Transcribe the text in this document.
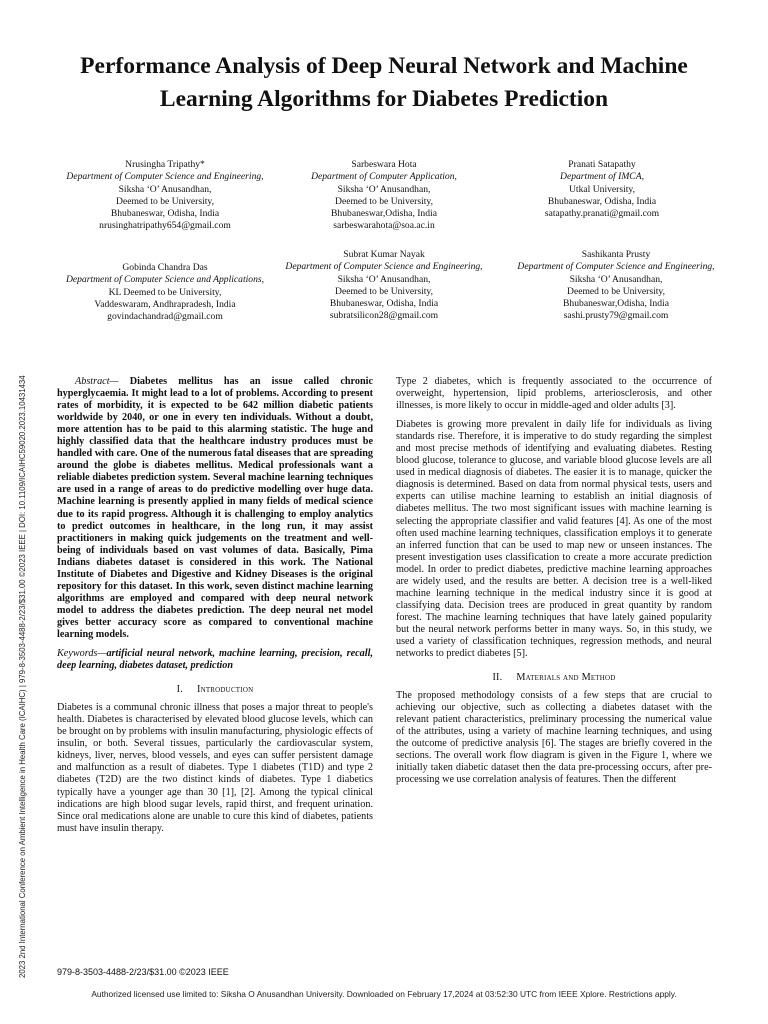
2023 2nd International Conference on Ambient Intelligence in Health Care (ICAIHC) | 979-8-3503-4488-2/23/$31.00 ©2023 IEEE | DOI: 10.1109/ICAIHC59020.2023.10431434
Performance Analysis of Deep Neural Network and Machine Learning Algorithms for Diabetes Prediction
Nrusingha Tripathy*
Department of Computer Science and Engineering,
Siksha ‘O’ Anusandhan,
Deemed to be University,
Bhubaneswar, Odisha, India
nrusinghatripathy654@gmail.com
Sarbeswara Hota
Department of Computer Application,
Siksha ‘O’ Anusandhan,
Deemed to be University,
Bhubaneswar,Odisha, India
sarbeswarahota@soa.ac.in
Pranati Satapathy
Department of IMCA,
Utkal University,
Bhubaneswar, Odisha, India
satapathy.pranati@gmail.com
Gobinda Chandra Das
Department of Computer Science and Applications,
KL Deemed to be University,
Vaddeswaram, Andhrapradesh, India
govindachandrad@gmail.com
Subrat Kumar Nayak
Department of Computer Science and Engineering,
Siksha ‘O’ Anusandhan,
Deemed to be University,
Bhubaneswar, Odisha, India
subratsilicon28@gmail.com
Sashikanta Prusty
Department of Computer Science and Engineering,
Siksha ‘O’ Anusandhan,
Deemed to be University,
Bhubaneswar,Odisha, India
sashi.prusty79@gmail.com

Abstract— Diabetes mellitus has an issue called chronic hyperglycaemia. It might lead to a lot of problems. According to present rates of morbidity, it is expected to be 642 million diabetic patients worldwide by 2040, or one in every ten individuals. Without a doubt, more attention has to be paid to this alarming statistic. The huge and highly classified data that the healthcare industry produces must be handled with care. One of the numerous fatal diseases that are spreading around the globe is diabetes mellitus. Medical professionals want a reliable diabetes prediction system. Several machine learning techniques are used in a range of areas to do predictive modelling over huge data. Machine learning is presently applied in many fields of medical science due to its rapid progress. Although it is challenging to employ analytics to predict outcomes in healthcare, in the long run, it may assist practitioners in making quick judgements on the treatment and well-being of individuals based on vast volumes of data. Basically, Pima Indians diabetes dataset is considered in this work. The National Institute of Diabetes and Digestive and Kidney Diseases is the original repository for this dataset. In this work, seven distinct machine learning algorithms are employed and compared with deep neural network model to address the diabetes prediction. The deep neural net model gives better accuracy score as compared to conventional machine learning models.

Keywords—artificial neural network, machine learning, precision, recall, deep learning, diabetes dataset, prediction

I. Introduction

Diabetes is a communal chronic illness that poses a major threat to people's health. Diabetes is characterised by elevated blood glucose levels, which can be brought on by problems with insulin manufacturing, physiologic effects of insulin, or both. Several tissues, particularly the cardiovascular system, kidneys, liver, nerves, blood vessels, and eyes can suffer persistent damage and malfunction as a result of diabetes. Type 1 diabetes (T1D) and type 2 diabetes (T2D) are the two distinct kinds of diabetes. Type 1 diabetics typically have a younger age than 30 [1], [2]. Among the typical clinical indications are high blood sugar levels, rapid thirst, and frequent urination. Since oral medications alone are unable to cure this kind of diabetes, patients must have insulin therapy.

Type 2 diabetes, which is frequently associated to the occurrence of overweight, hypertension, lipid problems, arteriosclerosis, and other illnesses, is more likely to occur in middle-aged and older adults [3].

Diabetes is growing more prevalent in daily life for individuals as living standards rise. Therefore, it is imperative to do study regarding the simplest and most precise methods of identifying and evaluating diabetes. Resting blood glucose, tolerance to glucose, and variable blood glucose levels are all used in medical diagnosis of diabetes. The easier it is to manage, quicker the diagnosis is determined. Based on data from normal physical tests, users and experts can utilise machine learning to establish an initial diagnosis of diabetes mellitus. The two most significant issues with machine learning is selecting the appropriate classifier and valid features [4]. As one of the most often used machine learning techniques, classification employs it to generate an inferred function that can be used to map new or unseen instances. The present investigation uses classification to create a more accurate prediction model. In order to predict diabetes, predictive machine learning approaches are widely used, and the results are better. A decision tree is a well-liked machine learning technique in the medical industry since it is good at classifying data. Decision trees are produced in great quantity by random forest. The machine learning techniques that have lately gained popularity but the neural network performs better in many ways. So, in this study, we used a variety of classification techniques, regression methods, and neural networks to predict diabetes [5].

II. Materials and Method

The proposed methodology consists of a few steps that are crucial to achieving our objective, such as collecting a diabetes dataset with the relevant patient characteristics, preliminary processing the numerical value of the attributes, using a variety of machine learning techniques, and using the outcome of predictive analysis [6]. The stages are briefly covered in the sections. The overall work flow diagram is given in the Figure 1, where we initially taken diabetic dataset then the data pre-processing occurs, after pre-processing we use correlation analysis of features. Then the different

979-8-3503-4488-2/23/$31.00 ©2023 IEEE
Authorized licensed use limited to: Siksha O Anusandhan University. Downloaded on February 17,2024 at 03:52:30 UTC from IEEE Xplore. Restrictions apply.
